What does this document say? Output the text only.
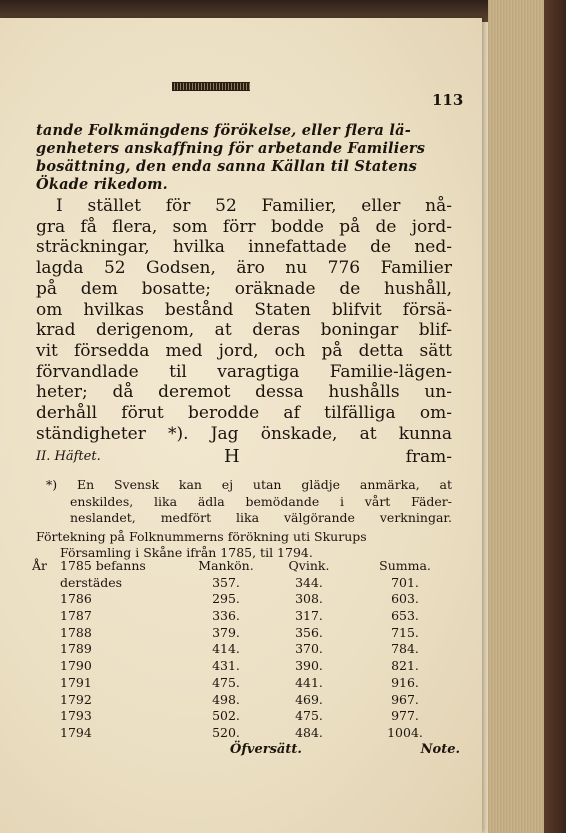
113
tande Folkmängdens förökelse, eller flera lä-
genheters anskaffning för arbetande Familiers
bosättning, den enda sanna Källan til Statens
Ökade rikedom.
I stället för 52 Familier, eller nå-
gra få flera, som förr bodde på de jord-
sträckningar, hvilka innefattade de ned-
lagda 52 Godsen, äro nu 776 Familier
på dem bosatte; oräknade de hushåll,
om hvilkas bestånd Staten blifvit försä-
krad derigenom, at deras boningar blif-
vit försedda med jord, och på detta sätt
förvandlade til varagtiga Familie-lägen-
heter; då deremot dessa hushålls un-
derhåll förut berodde af tilfälliga om-
ständigheter *). Jag önskade, at kunna
II. Häftet.	H	fram-
*) En Svensk kan ej utan glädje anmärka, at
enskildes, lika ädla bemödande i vårt Fäder-
neslandet, medfört lika välgörande verkningar.
Förtekning på Folknummerns förökning uti Skurups
Församling i Skåne ifrån 1785, til 1794.
År	1785 befanns	Mankön.	Qvink.	Summa.
	derstädes	357.	344.	701.
	1786	295.	308.	603.
	1787	336.	317.	653.
	1788	379.	356.	715.
	1789	414.	370.	784.
	1790	431.	390.	821.
	1791	475.	441.	916.
	1792	498.	469.	967.
	1793	502.	475.	977.
	1794	520.	484.	1004.
Öfversätt.	Note.
